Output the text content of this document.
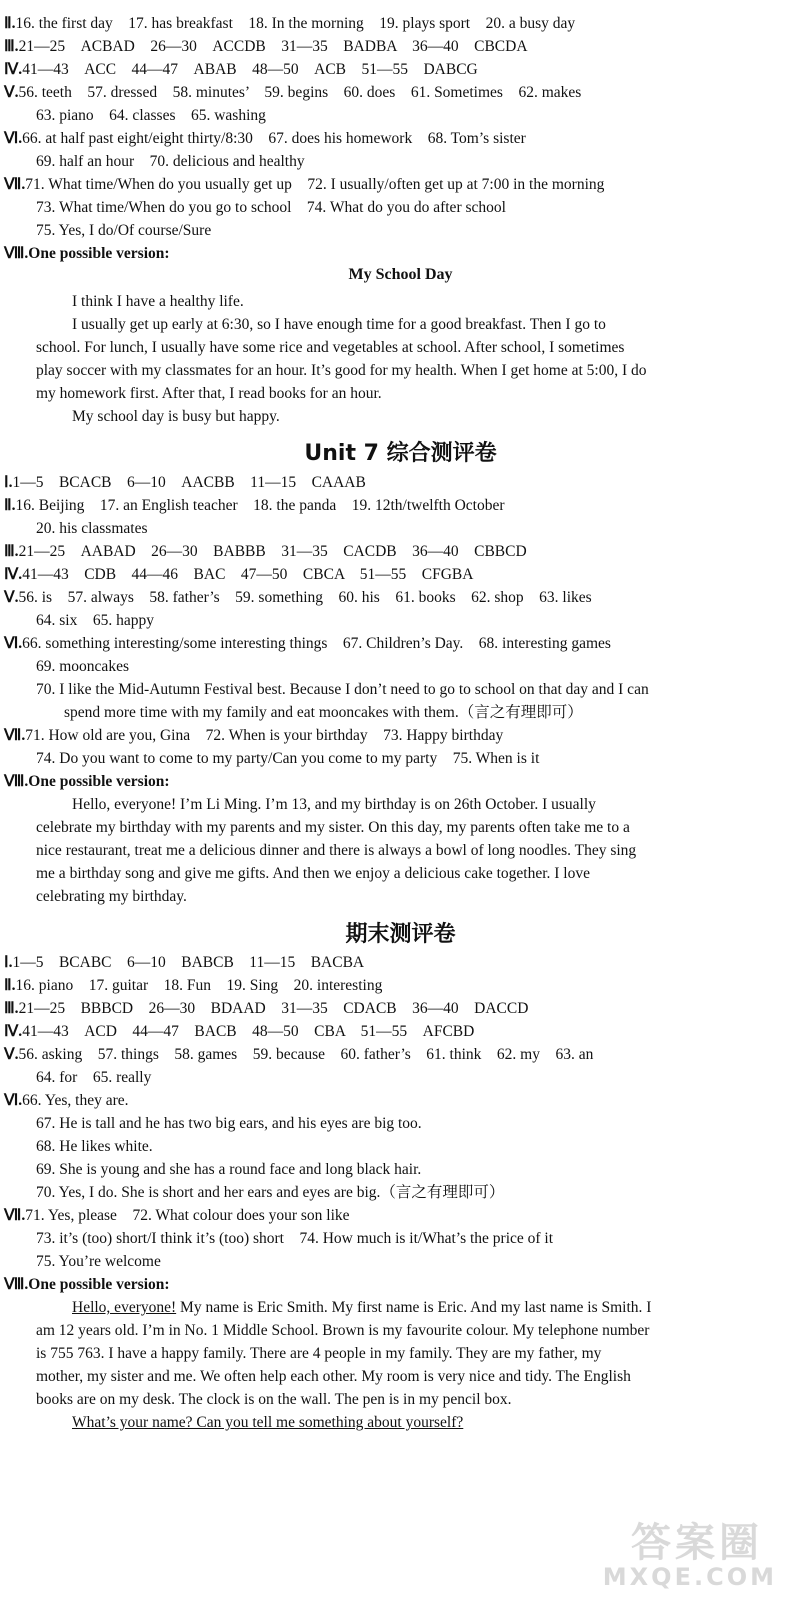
Ⅱ.16. the first day　17. has breakfast　18. In the morning　19. plays sport　20. a busy day
Ⅲ.21—25　ACBAD　26—30　ACCDB　31—35　BADBA　36—40　CBCDA
Ⅳ.41—43　ACC　44—47　ABAB　48—50　ACB　51—55　DABCG
Ⅴ.56. teeth　57. dressed　58. minutes’　59. begins　60. does　61. Sometimes　62. makes
63. piano　64. classes　65. washing
Ⅵ.66. at half past eight/eight thirty/8:30　67. does his homework　68. Tom’s sister
69. half an hour　70. delicious and healthy
Ⅶ.71. What time/When do you usually get up　72. I usually/often get up at 7:00 in the morning
73. What time/When do you go to school　74. What do you do after school
75. Yes, I do/Of course/Sure
Ⅷ.One possible version:
My School Day
I think I have a healthy life.
I usually get up early at 6:30, so I have enough time for a good breakfast. Then I go to
school. For lunch, I usually have some rice and vegetables at school. After school, I sometimes
play soccer with my classmates for an hour. It’s good for my health. When I get home at 5:00, I do
my homework first. After that, I read books for an hour.
My school day is busy but happy.
Unit 7 综合测评卷
Ⅰ.1—5　BCACB　6—10　AACBB　11—15　CAAAB
Ⅱ.16. Beijing　17. an English teacher　18. the panda　19. 12th/twelfth October
20. his classmates
Ⅲ.21—25　AABAD　26—30　BABBB　31—35　CACDB　36—40　CBBCD
Ⅳ.41—43　CDB　44—46　BAC　47—50　CBCA　51—55　CFGBA
Ⅴ.56. is　57. always　58. father’s　59. something　60. his　61. books　62. shop　63. likes
64. six　65. happy
Ⅵ.66. something interesting/some interesting things　67. Children’s Day.　68. interesting games
69. mooncakes
70. I like the Mid-Autumn Festival best. Because I don’t need to go to school on that day and I can
spend more time with my family and eat mooncakes with them.（言之有理即可）
Ⅶ.71. How old are you, Gina　72. When is your birthday　73. Happy birthday
74. Do you want to come to my party/Can you come to my party　75. When is it
Ⅷ.One possible version:
Hello, everyone! I’m Li Ming. I’m 13, and my birthday is on 26th October. I usually
celebrate my birthday with my parents and my sister. On this day, my parents often take me to a
nice restaurant, treat me a delicious dinner and there is always a bowl of long noodles. They sing
me a birthday song and give me gifts. And then we enjoy a delicious cake together. I love
celebrating my birthday.
期末测评卷
Ⅰ.1—5　BCABC　6—10　BABCB　11—15　BACBA
Ⅱ.16. piano　17. guitar　18. Fun　19. Sing　20. interesting
Ⅲ.21—25　BBBCD　26—30　BDAAD　31—35　CDACB　36—40　DACCD
Ⅳ.41—43　ACD　44—47　BACB　48—50　CBA　51—55　AFCBD
Ⅴ.56. asking　57. things　58. games　59. because　60. father’s　61. think　62. my　63. an
64. for　65. really
Ⅵ.66. Yes, they are.
67. He is tall and he has two big ears, and his eyes are big too.
68. He likes white.
69. She is young and she has a round face and long black hair.
70. Yes, I do. She is short and her ears and eyes are big.（言之有理即可）
Ⅶ.71. Yes, please　72. What colour does your son like
73. it’s (too) short/I think it’s (too) short　74. How much is it/What’s the price of it
75. You’re welcome
Ⅷ.One possible version:
Hello, everyone! My name is Eric Smith. My first name is Eric. And my last name is Smith. I
am 12 years old. I’m in No. 1 Middle School. Brown is my favourite colour. My telephone number
is 755 763. I have a happy family. There are 4 people in my family. They are my father, my
mother, my sister and me. We often help each other. My room is very nice and tidy. The English
books are on my desk. The clock is on the wall. The pen is in my pencil box.
What’s your name? Can you tell me something about yourself?
答案圈
MXQE.COM
